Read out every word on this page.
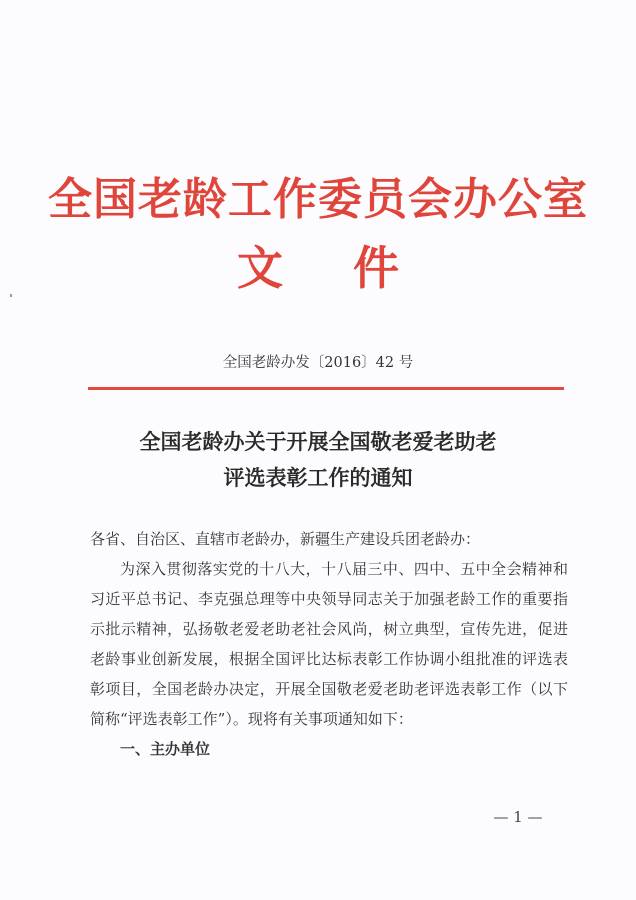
全国老龄工作委员会办公室
文件
全国老龄办发〔2016〕42 号
全国老龄办关于开展全国敬老爱老助老
评选表彰工作的通知

各省、自治区、直辖市老龄办，新疆生产建设兵团老龄办：

为深入贯彻落实党的十八大，十八届三中、四中、五中全会精神和习近平总书记、李克强总理等中央领导同志关于加强老龄工作的重要指示批示精神，弘扬敬老爱老助老社会风尚，树立典型，宣传先进，促进老龄事业创新发展，根据全国评比达标表彰工作协调小组批准的评选表彰项目，全国老龄办决定，开展全国敬老爱老助老评选表彰工作（以下简称“评选表彰工作”）。现将有关事项通知如下：

一、主办单位

— 1 —
